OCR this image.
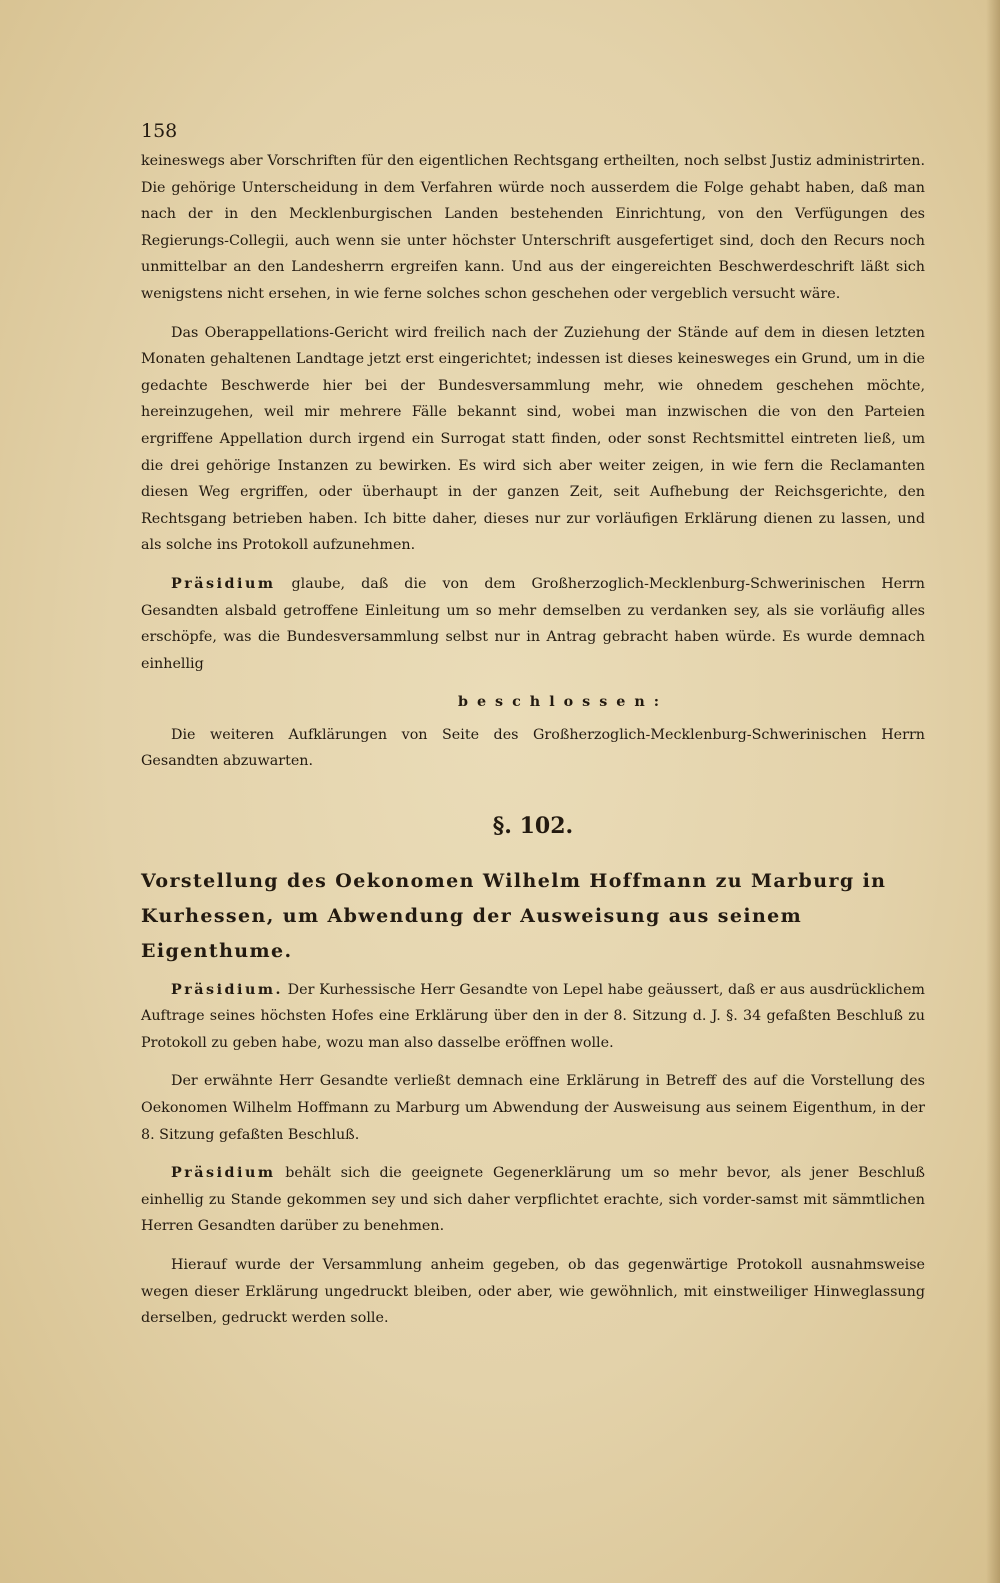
158

keineswegs aber Vorschriften für den eigentlichen Rechtsgang ertheilten, noch selbst Justiz administrirten. Die gehörige Unterscheidung in dem Verfahren würde noch ausserdem die Folge gehabt haben, daß man nach der in den Mecklenburgischen Landen bestehenden Einrichtung, von den Verfügungen des Regierungs-Collegii, auch wenn sie unter höchster Unterschrift ausgefertiget sind, doch den Recurs noch unmittelbar an den Landesherrn ergreifen kann. Und aus der eingereichten Beschwerdeschrift läßt sich wenigstens nicht ersehen, in wie ferne solches schon geschehen oder vergeblich versucht wäre.

Das Oberappellations-Gericht wird freilich nach der Zuziehung der Stände auf dem in diesen letzten Monaten gehaltenen Landtage jetzt erst eingerichtet; indessen ist dieses keinesweges ein Grund, um in die gedachte Beschwerde hier bei der Bundesversammlung mehr, wie ohnedem geschehen möchte, hereinzugehen, weil mir mehrere Fälle bekannt sind, wobei man inzwischen die von den Parteien ergriffene Appellation durch irgend ein Surrogat statt finden, oder sonst Rechtsmittel eintreten ließ, um die drei gehörige Instanzen zu bewirken. Es wird sich aber weiter zeigen, in wie fern die Reclamanten diesen Weg ergriffen, oder überhaupt in der ganzen Zeit, seit Aufhebung der Reichsgerichte, den Rechtsgang betrieben haben. Ich bitte daher, dieses nur zur vorläufigen Erklärung dienen zu lassen, und als solche ins Protokoll aufzunehmen.

Präsidium glaube, daß die von dem Großherzoglich-Mecklenburg-Schwerinischen Herrn Gesandten alsbald getroffene Einleitung um so mehr demselben zu verdanken sey, als sie vorläufig alles erschöpfe, was die Bundesversammlung selbst nur in Antrag gebracht haben würde. Es wurde demnach einhellig

beschlossen:

Die weiteren Aufklärungen von Seite des Großherzoglich-Mecklenburg-Schwerinischen Herrn Gesandten abzuwarten.

§. 102.

Vorstellung des Oekonomen Wilhelm Hoffmann zu Marburg in Kurhessen, um Abwendung der Ausweisung aus seinem Eigenthume.

Präsidium. Der Kurhessische Herr Gesandte von Lepel habe geäussert, daß er aus ausdrücklichem Auftrage seines höchsten Hofes eine Erklärung über den in der 8. Sitzung d. J. §. 34 gefaßten Beschluß zu Protokoll zu geben habe, wozu man also dasselbe eröffnen wolle.

Der erwähnte Herr Gesandte verließt demnach eine Erklärung in Betreff des auf die Vorstellung des Oekonomen Wilhelm Hoffmann zu Marburg um Abwendung der Ausweisung aus seinem Eigenthum, in der 8. Sitzung gefaßten Beschluß.

Präsidium behält sich die geeignete Gegenerklärung um so mehr bevor, als jener Beschluß einhellig zu Stande gekommen sey und sich daher verpflichtet erachte, sich vorder-samst mit sämmtlichen Herren Gesandten darüber zu benehmen.

Hierauf wurde der Versammlung anheim gegeben, ob das gegenwärtige Protokoll ausnahmsweise wegen dieser Erklärung ungedruckt bleiben, oder aber, wie gewöhnlich, mit einstweiliger Hinweglassung derselben, gedruckt werden solle.
